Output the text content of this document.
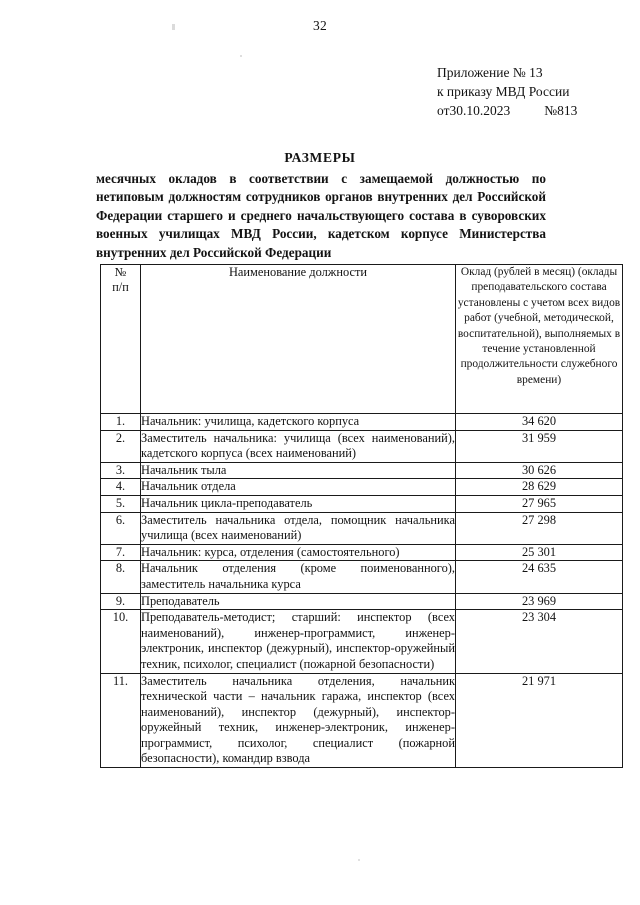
32
Приложение № 13
к приказу МВД России
от30.10.2023	№813
РАЗМЕРЫ
месячных окладов в соответствии с замещаемой должностью по нетиповым должностям сотрудников органов внутренних дел Российской Федерации старшего и среднего начальствующего состава в суворовских военных училищах МВД России, кадетском корпусе Министерства внутренних дел Российской Федерации
№
п/п	Наименование должности	Оклад (рублей в месяц) (оклады преподавательского состава установлены с учетом всех видов работ (учебной, методической, воспитательной), выполняемых в течение установленной продолжительности служебного времени)
1.	Начальник: училища, кадетского корпуса	34 620
2.	Заместитель начальника: училища (всех наименований), кадетского корпуса (всех наименований)	31 959
3.	Начальник тыла	30 626
4.	Начальник отдела	28 629
5.	Начальник цикла-преподаватель	27 965
6.	Заместитель начальника отдела, помощник начальника училища (всех наименований)	27 298
7.	Начальник: курса, отделения (самостоятельного)	25 301
8.	Начальник отделения (кроме поименованного), заместитель начальника курса	24 635
9.	Преподаватель	23 969
10.	Преподаватель-методист; старший: инспектор (всех наименований), инженер-программист, инженер-электроник, инспектор (дежурный), инспектор-оружейный техник, психолог, специалист (пожарной безопасности)	23 304
11.	Заместитель начальника отделения, начальник технической части – начальник гаража, инспектор (всех наименований), инспектор (дежурный), инспектор-оружейный техник, инженер-электроник, инженер-программист, психолог, специалист (пожарной безопасности), командир взвода	21 971
